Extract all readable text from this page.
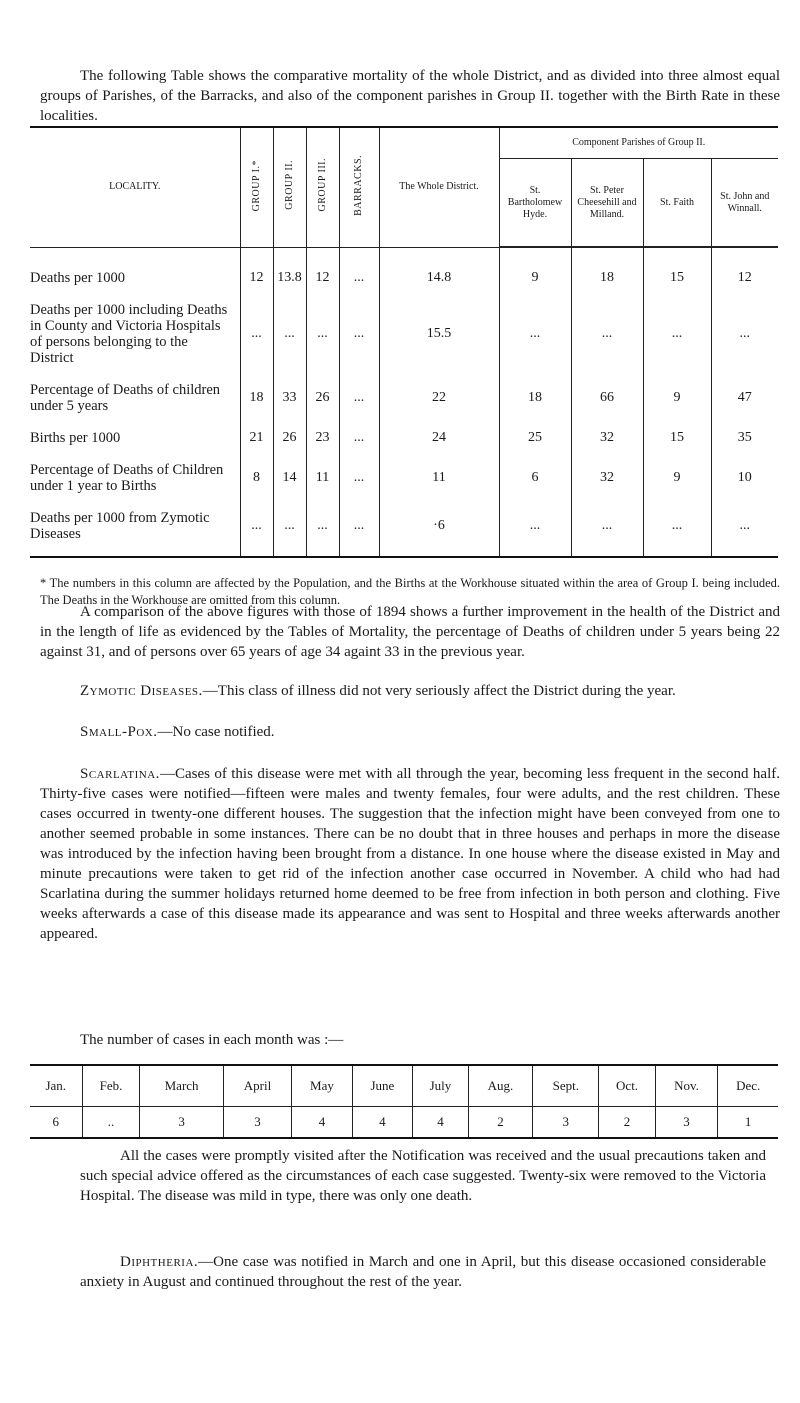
The following Table shows the comparative mortality of the whole District, and as divided into three almost equal groups of Parishes, of the Barracks, and also of the component parishes in Group II. together with the Birth Rate in these localities.

LOCALITY.	GROUP I.*	GROUP II.	GROUP III.	BARRACKS.	The Whole District.	Component Parishes of Group II.			
						St. Bartholomew Hyde.	St. Peter Cheesehill and Milland.	St. Faith	St. John and Winnall.

Deaths per 1000	12	13.8	12	...	14.8	9	18	15	12
Deaths per 1000 including Deaths in County and Victoria Hospitals of persons belonging to the District	...	...	...	...	15.5	...	...	...	...
Percentage of Deaths of children under 5 years	18	33	26	...	22	18	66	9	47
Births per 1000	21	26	23	...	24	25	32	15	35
Percentage of Deaths of Children under 1 year to Births	8	14	11	...	11	6	32	9	10
Deaths per 1000 from Zymotic Diseases	...	...	...	...	·6	...	...	...	...

* The numbers in this column are affected by the Population, and the Births at the Workhouse situated within the area of Group I. being included. The Deaths in the Workhouse are omitted from this column.

A comparison of the above figures with those of 1894 shows a further improvement in the health of the District and in the length of life as evidenced by the Tables of Mortality, the percentage of Deaths of children under 5 years being 22 against 31, and of persons over 65 years of age 34 againt 33 in the previous year.

Zymotic Diseases.—This class of illness did not very seriously affect the District during the year.

Small-Pox.—No case notified.

Scarlatina.—Cases of this disease were met with all through the year, becoming less frequent in the second half. Thirty-five cases were notified—fifteen were males and twenty females, four were adults, and the rest children. These cases occurred in twenty-one different houses. The suggestion that the infection might have been conveyed from one to another seemed probable in some instances. There can be no doubt that in three houses and perhaps in more the disease was introduced by the infection having been brought from a distance. In one house where the disease existed in May and minute precautions were taken to get rid of the infection another case occurred in November. A child who had had Scarlatina during the summer holidays returned home deemed to be free from infection in both person and clothing. Five weeks afterwards a case of this disease made its appearance and was sent to Hospital and three weeks afterwards another appeared.

The number of cases in each month was :—

Jan.	Feb.	March	April	May	June	July	Aug.	Sept.	Oct.	Nov.	Dec.
6	..	3	3	4	4	4	2	3	2	3	1

All the cases were promptly visited after the Notification was received and the usual precautions taken and such special advice offered as the circumstances of each case suggested. Twenty-six were removed to the Victoria Hospital. The disease was mild in type, there was only one death.

Diphtheria.—One case was notified in March and one in April, but this disease occasioned considerable anxiety in August and continued throughout the rest of the year.
